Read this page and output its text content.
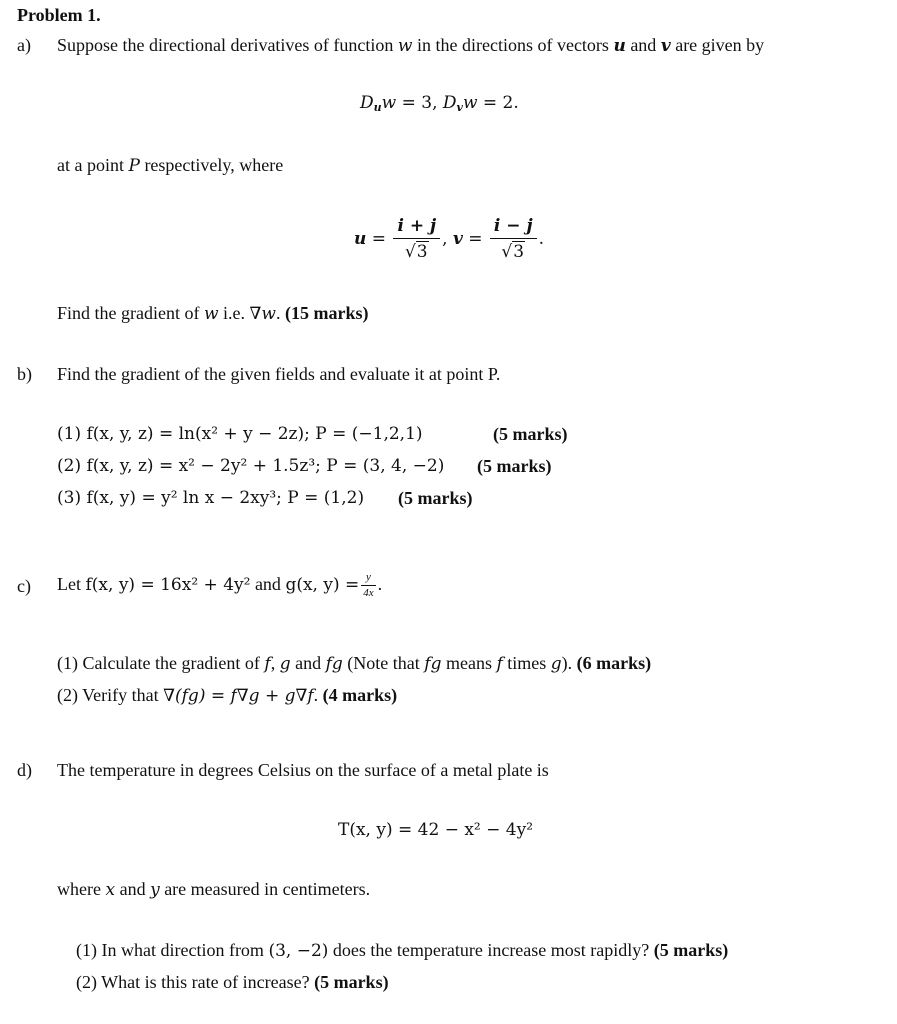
Problem 1.
a) Suppose the directional derivatives of function w in the directions of vectors u and v are given by
$D_uw = 3$, $D_vw = 2$.
at a point P respectively, where
$u = \frac{i + j}{√3}$ , $v = \frac{i - j}{√3}$ .
Find the gradient of w i.e. ∇w. (15 marks)
b) Find the gradient of the given fields and evaluate it at point P.
(1) f(x, y, z) = ln(x² + y − 2z); P = (−1,2,1)	(5 marks)
(2) f(x, y, z) = x² − 2y² + 1.5z³; P = (3, 4, −2) (5 marks)
(3) f(x, y) = y² ln x − 2xy³; P = (1,2) (5 marks)
c) Let f(x, y) = 16x² + 4y² and g(x, $y) = \frac{y}{4x}$ .
(1) Calculate the gradient of f, g and fg (Note that fg means f times g). (6 marks)
(2) Verify that ∇(fg) = f∇g + g∇f. (4 marks)
d) The temperature in degrees Celsius on the surface of a metal plate is
T(x, y) = 42 − x² − 4y²
where x and y are measured in centimeters.
(1) In what direction from (3, −2) does the temperature increase most rapidly? (5 marks)
(2) What is this rate of increase? (5 marks)
